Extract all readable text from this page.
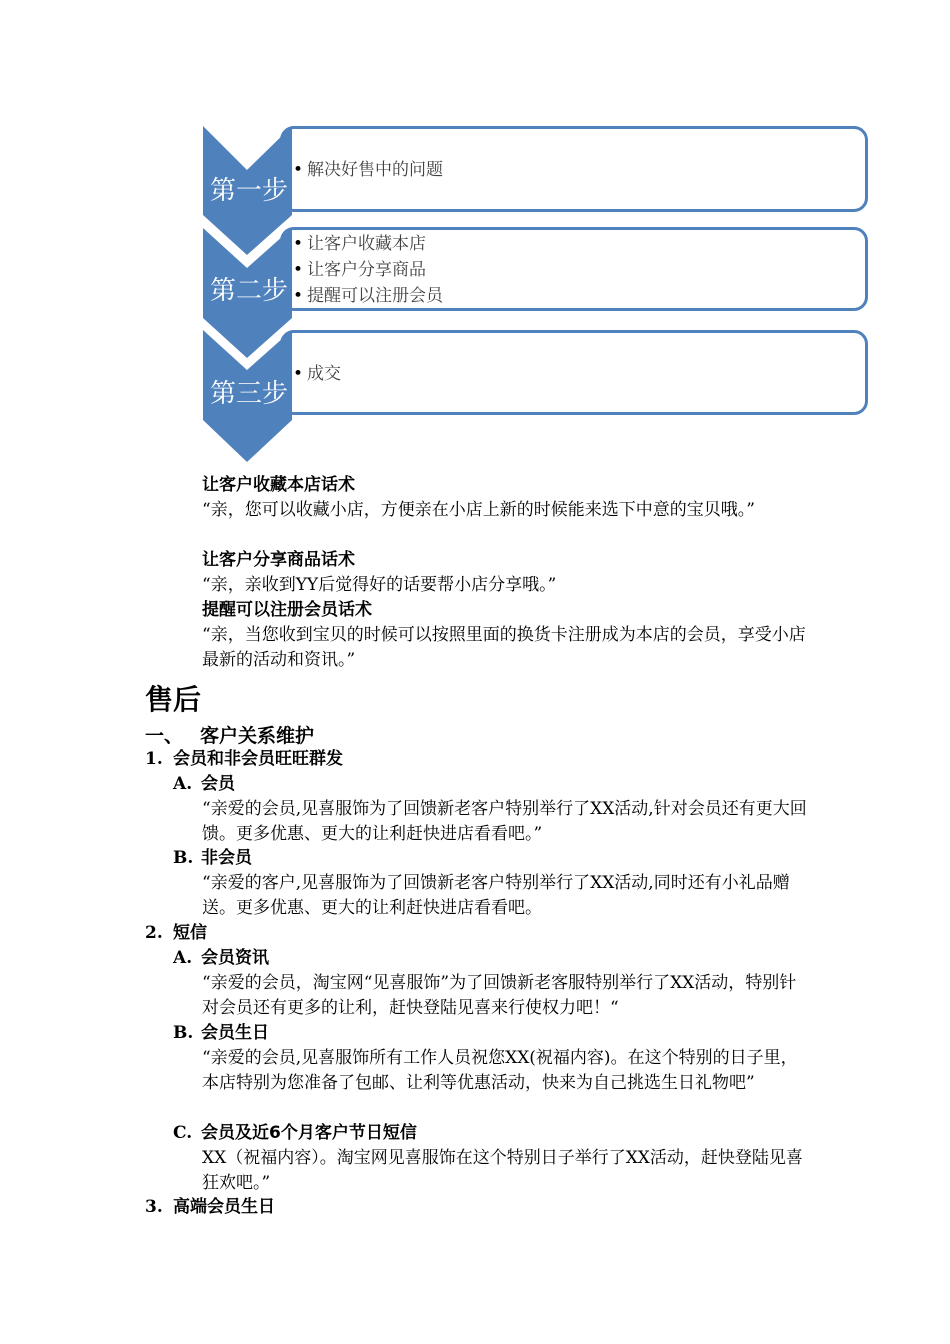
• 解决好售中的问题
• 让客户收藏本店
• 让客户分享商品
• 提醒可以注册会员
• 成交
第一步
第二步
第三步
让客户收藏本店话术
“亲，您可以收藏小店，方便亲在小店上新的时候能来选下中意的宝贝哦。”
让客户分享商品话术
“亲，亲收到YY后觉得好的话要帮小店分享哦。”
提醒可以注册会员话术
“亲，当您收到宝贝的时候可以按照里面的换货卡注册成为本店的会员，享受小店最新的活动和资讯。”
售后
一、 客户关系维护
1. 会员和非会员旺旺群发
A. 会员
“亲爱的会员,见喜服饰为了回馈新老客户特别举行了XX活动,针对会员还有更大回馈。更多优惠、更大的让利赶快进店看看吧。”
B. 非会员
“亲爱的客户,见喜服饰为了回馈新老客户特别举行了XX活动,同时还有小礼品赠送。更多优惠、更大的让利赶快进店看看吧。
2. 短信
A. 会员资讯
“亲爱的会员，淘宝网“见喜服饰”为了回馈新老客服特别举行了XX活动，特别针对会员还有更多的让利，赶快登陆见喜来行使权力吧！“
B. 会员生日
“亲爱的会员,见喜服饰所有工作人员祝您XX(祝福内容)。在这个特别的日子里，本店特别为您准备了包邮、让利等优惠活动，快来为自己挑选生日礼物吧”
C. 会员及近6个月客户节日短信
XX（祝福内容）。淘宝网见喜服饰在这个特别日子举行了XX活动，赶快登陆见喜狂欢吧。”
3. 高端会员生日
